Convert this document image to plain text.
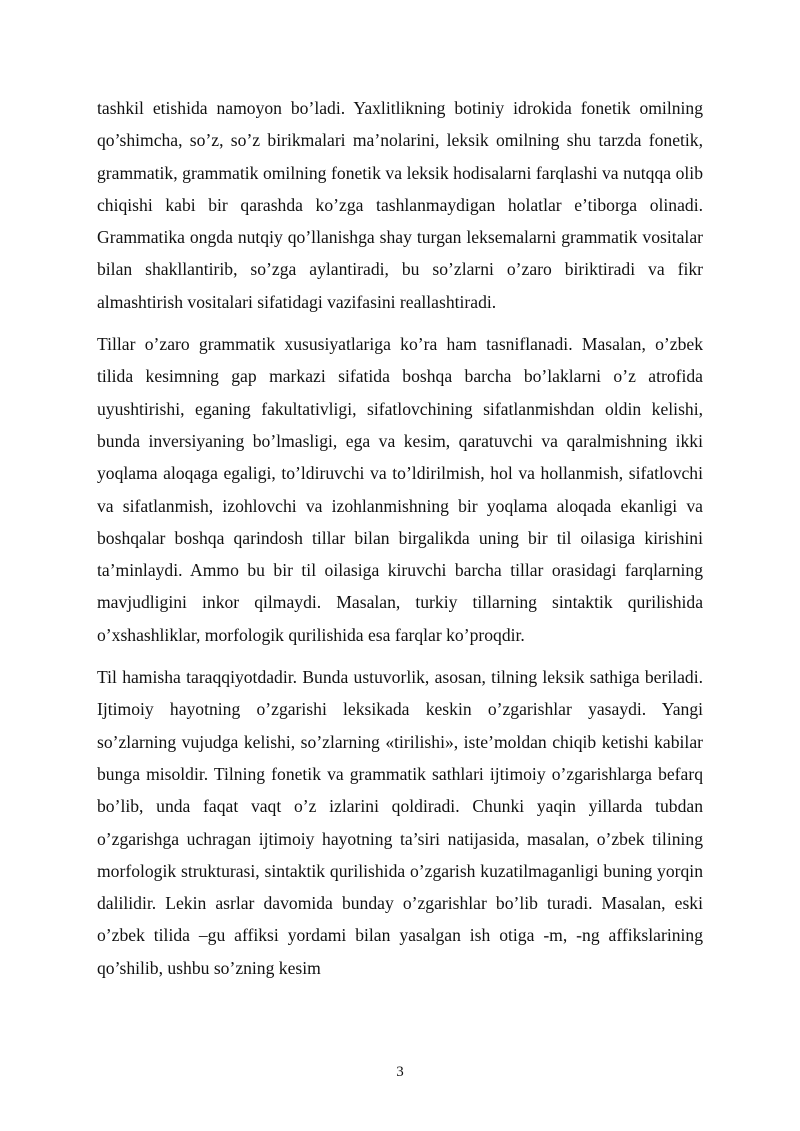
tashkil etishida namoyon bo’ladi. Yaxlitlikning botiniy idrokida fonetik omilning qo’shimcha, so’z, so’z birikmalari ma’nolarini, leksik omilning shu tarzda fonetik, grammatik, grammatik omilning fonetik va leksik hodisalarni farqlashi va nutqqa olib chiqishi kabi bir qarashda ko’zga tashlanmaydigan holatlar e’tiborga olinadi. Grammatika ongda nutqiy qo’llanishga shay turgan leksemalarni grammatik vositalar bilan shakllantirib, so’zga aylantiradi, bu so’zlarni o’zaro biriktiradi va fikr almashtirish vositalari sifatidagi vazifasini reallashtiradi.

Tillar o’zaro grammatik xususiyatlariga ko’ra ham tasniflanadi. Masalan, o’zbek tilida kesimning gap markazi sifatida boshqa barcha bo’laklarni o’z atrofida uyushtirishi, eganing fakultativligi, sifatlovchining sifatlanmishdan oldin kelishi, bunda inversiyaning bo’lmasligi, ega va kesim, qaratuvchi va qaralmishning ikki yoqlama aloqaga egaligi, to’ldiruvchi va to’ldirilmish, hol va hollanmish, sifatlovchi va sifatlanmish, izohlovchi va izohlanmishning bir yoqlama aloqada ekanligi va boshqalar boshqa qarindosh tillar bilan birgalikda uning bir til oilasiga kirishini ta’minlaydi. Ammo bu bir til oilasiga kiruvchi barcha tillar orasidagi farqlarning mavjudligini inkor qilmaydi. Masalan, turkiy tillarning sintaktik qurilishida o’xshashliklar, morfologik qurilishida esa farqlar ko’proqdir.

Til hamisha taraqqiyotdadir. Bunda ustuvorlik, asosan, tilning leksik sathiga beriladi. Ijtimoiy hayotning o’zgarishi leksikada keskin o’zgarishlar yasaydi. Yangi so’zlarning vujudga kelishi, so’zlarning «tirilishi», iste’moldan chiqib ketishi kabilar bunga misoldir. Tilning fonetik va grammatik sathlari ijtimoiy o’zgarishlarga befarq bo’lib, unda faqat vaqt o’z izlarini qoldiradi. Chunki yaqin yillarda tubdan o’zgarishga uchragan ijtimoiy hayotning ta’siri natijasida, masalan, o’zbek tilining morfologik strukturasi, sintaktik qurilishida o’zgarish kuzatilmaganligi buning yorqin dalilidir. Lekin asrlar davomida bunday o’zgarishlar bo’lib turadi. Masalan, eski o’zbek tilida –gu affiksi yordami bilan yasalgan ish otiga -m, -ng affikslarining qo’shilib, ushbu so’zning kesim

3
